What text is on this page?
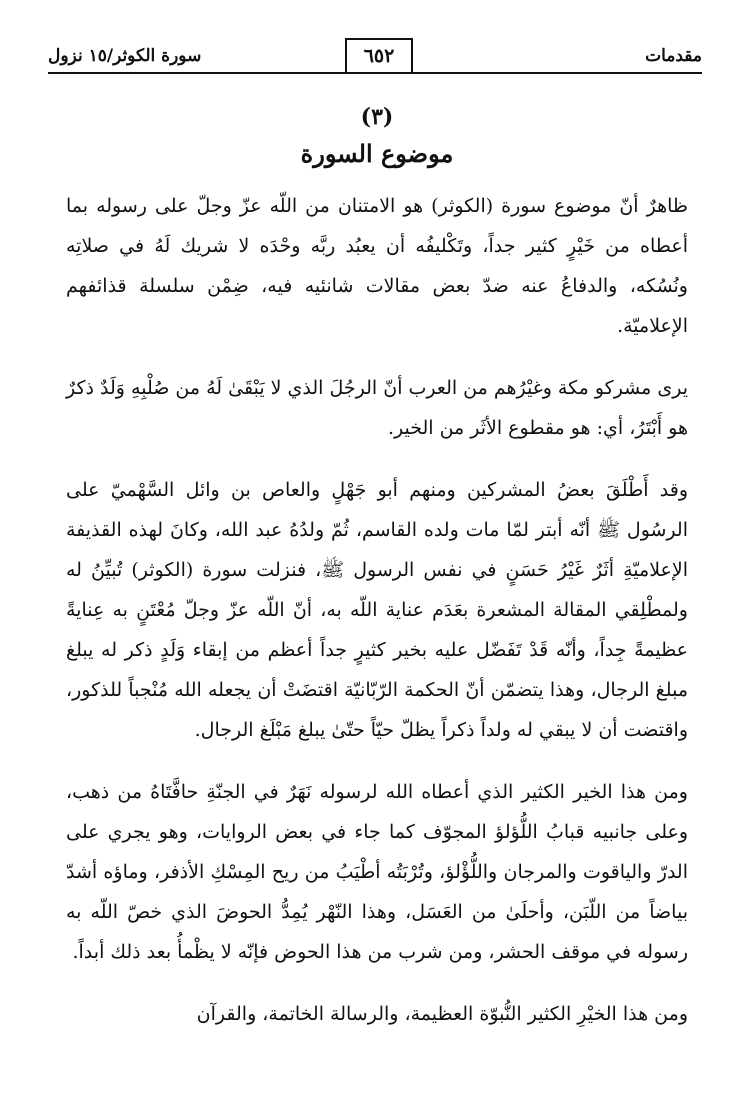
مقدمات
٦٥٢
سورة الكوثر/١٥ نزول
(٣)
موضوع السورة

ظاهرٌ أنّ موضوع سورة (الكوثر) هو الامتنان من اللّه عزّ وجلّ على رسوله بما أعطاه من خَيْرٍ كثير جداً، وتَكْليفُه أن يعبُد ربَّه وحْدَه لا شريك لَهُ في صلاتِه ونُسُكه، والدفاعُ عنه ضدّ بعض مقالات شانئيه فيه، ضِمْن سلسلة قذائفهم الإعلاميّة.

يرى مشركو مكة وغيْرُهم من العرب أنّ الرجُلَ الذي لا يَبْقَىٰ لَهُ من صُلْبِهِ وَلَدٌ ذكرٌ هو أَبْتَرُ، أي: هو مقطوع الأثَر من الخير.

وقد أَطْلَقَ بعضُ المشركين ومنهم أبو جَهْلٍ والعاص بن وائل السَّهْميّ على الرسُول ﷺ أنّه أبتر لمّا مات ولده القاسم، ثُمّ ولدُهُ عبد الله، وكانَ لهذه القذيفة الإعلاميّةِ أثَرٌ غَيْرُ حَسَنٍ في نفس الرسول ﷺ، فنزلت سورة (الكوثر) تُبيِّنُ له ولمطْلِقي المقالة المشعرة بعَدَم عناية اللّه به، أنّ اللّه عزّ وجلّ مُعْتَنٍ به عِنايةً عظيمةً جِداً، وأنّه قَدْ تَفَضّل عليه بخير كثيرٍ جداً أعظم من إبقاء وَلَدٍ ذكر له يبلغ مبلغ الرجال، وهذا يتضمّن أنّ الحكمة الرّبّانيّة اقتضَتْ أن يجعله الله مُنْجباً للذكور، واقتضت أن لا يبقي له ولداً ذكراً يظلّ حيّاً حتّىٰ يبلغ مَبْلَغ الرجال.

ومن هذا الخير الكثير الذي أعطاه الله لرسوله نَهَرٌ في الجنّةِ حافَّتَاهُ من ذهب، وعلى جانبيه قبابُ اللُّؤلؤ المجوّف كما جاء في بعض الروايات، وهو يجري على الدرّ والياقوت والمرجان واللُّؤْلؤ، وتُرْبَتُه أطْيَبُ من ريح المِسْكِ الأذفر، وماؤه أشدّ بياضاً من اللّبَن، وأحلَىٰ من العَسَل، وهذا النّهْر يُمِدُّ الحوضَ الذي خصّ اللّه به رسوله في موقف الحشر، ومن شرب من هذا الحوض فإنّه لا يظْمأُ بعد ذلك أبداً.

ومن هذا الخيْرِ الكثير النُّبوّة العظيمة، والرسالة الخاتمة، والقرآن
